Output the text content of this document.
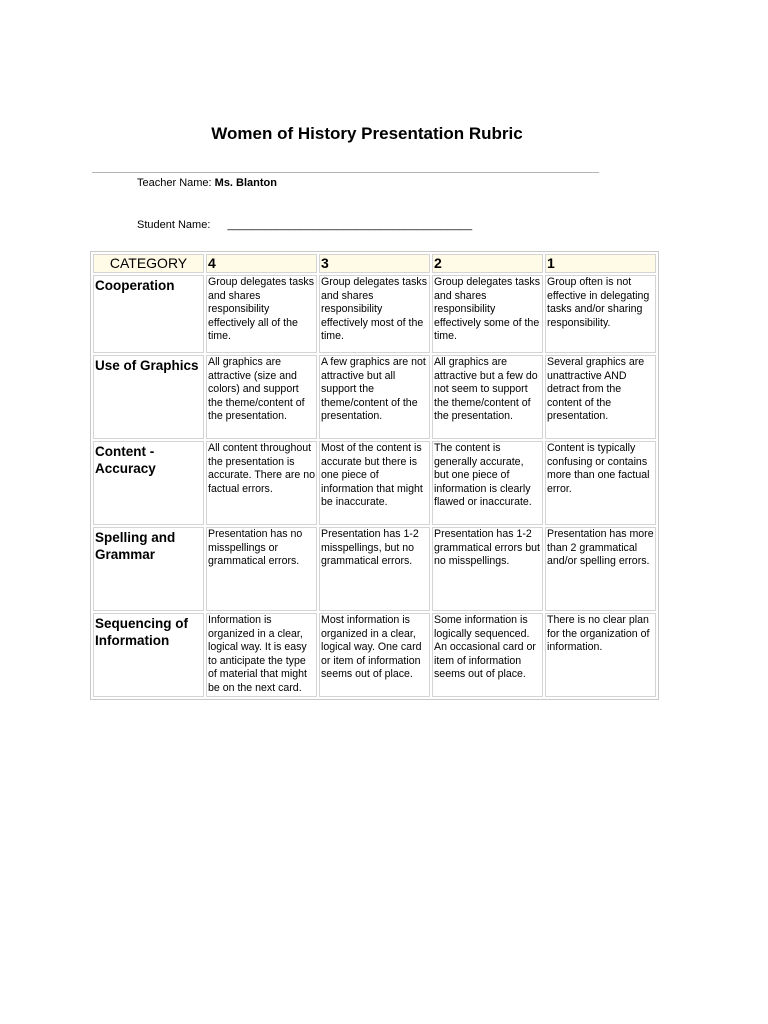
Women of History Presentation Rubric
Teacher Name: Ms. Blanton
Student Name: ________________________________________
CATEGORY	4	3	2	1
Cooperation	Group delegates tasks and shares responsibility effectively all of the time.	Group delegates tasks and shares responsibility effectively most of the time.	Group delegates tasks and shares responsibility effectively some of the time.	Group often is not effective in delegating tasks and/or sharing responsibility.
Use of Graphics	All graphics are attractive (size and colors) and support the theme/content of the presentation.	A few graphics are not attractive but all support the theme/content of the presentation.	All graphics are attractive but a few do not seem to support the theme/content of the presentation.	Several graphics are unattractive AND detract from the content of the presentation.
Content - Accuracy	All content throughout the presentation is accurate. There are no factual errors.	Most of the content is accurate but there is one piece of information that might be inaccurate.	The content is generally accurate, but one piece of information is clearly flawed or inaccurate.	Content is typically confusing or contains more than one factual error.
Spelling and Grammar	Presentation has no misspellings or grammatical errors.	Presentation has 1-2 misspellings, but no grammatical errors.	Presentation has 1-2 grammatical errors but no misspellings.	Presentation has more than 2 grammatical and/or spelling errors.
Sequencing of Information	Information is organized in a clear, logical way. It is easy to anticipate the type of material that might be on the next card.	Most information is organized in a clear, logical way. One card or item of information seems out of place.	Some information is logically sequenced. An occasional card or item of information seems out of place.	There is no clear plan for the organization of information.
